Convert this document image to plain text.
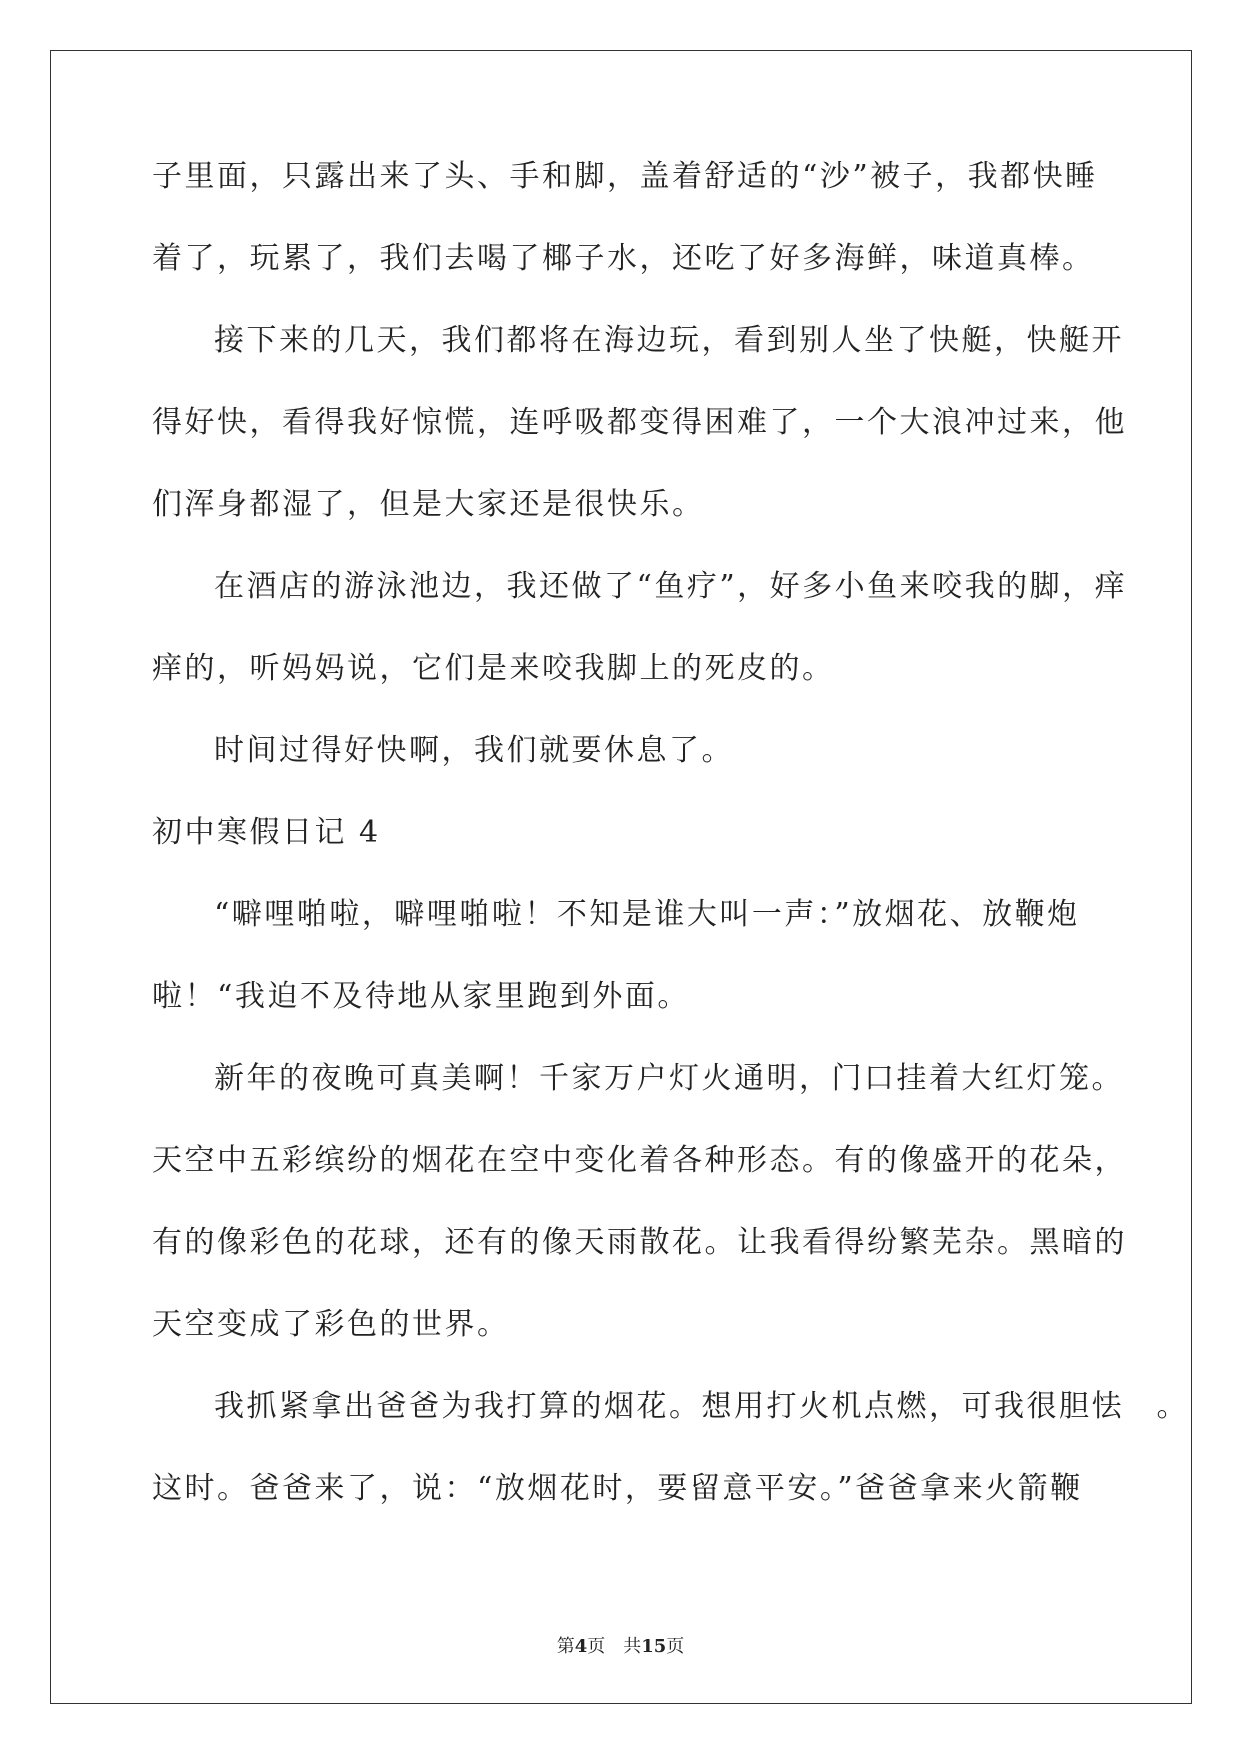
子里面，只露出来了头、手和脚，盖着舒适的“沙”被子，我都快睡
着了，玩累了，我们去喝了椰子水，还吃了好多海鲜，味道真棒。
接下来的几天，我们都将在海边玩，看到别人坐了快艇，快艇开
得好快，看得我好惊慌，连呼吸都变得困难了，一个大浪冲过来，他
们浑身都湿了，但是大家还是很快乐。
在酒店的游泳池边，我还做了“鱼疗”，好多小鱼来咬我的脚，痒
痒的，听妈妈说，它们是来咬我脚上的死皮的。
时间过得好快啊，我们就要休息了。
初中寒假日记 4
“噼哩啪啦，噼哩啪啦！不知是谁大叫一声：”放烟花、放鞭炮
啦！“我迫不及待地从家里跑到外面。
新年的夜晚可真美啊！千家万户灯火通明，门口挂着大红灯笼。
天空中五彩缤纷的烟花在空中变化着各种形态。有的像盛开的花朵，
有的像彩色的花球，还有的像天雨散花。让我看得纷繁芜杂。黑暗的
天空变成了彩色的世界。
我抓紧拿出爸爸为我打算的烟花。想用打火机点燃，可我很胆怯　。
这时。爸爸来了，说：“放烟花时，要留意平安。”爸爸拿来火箭鞭
第4页　共15页
